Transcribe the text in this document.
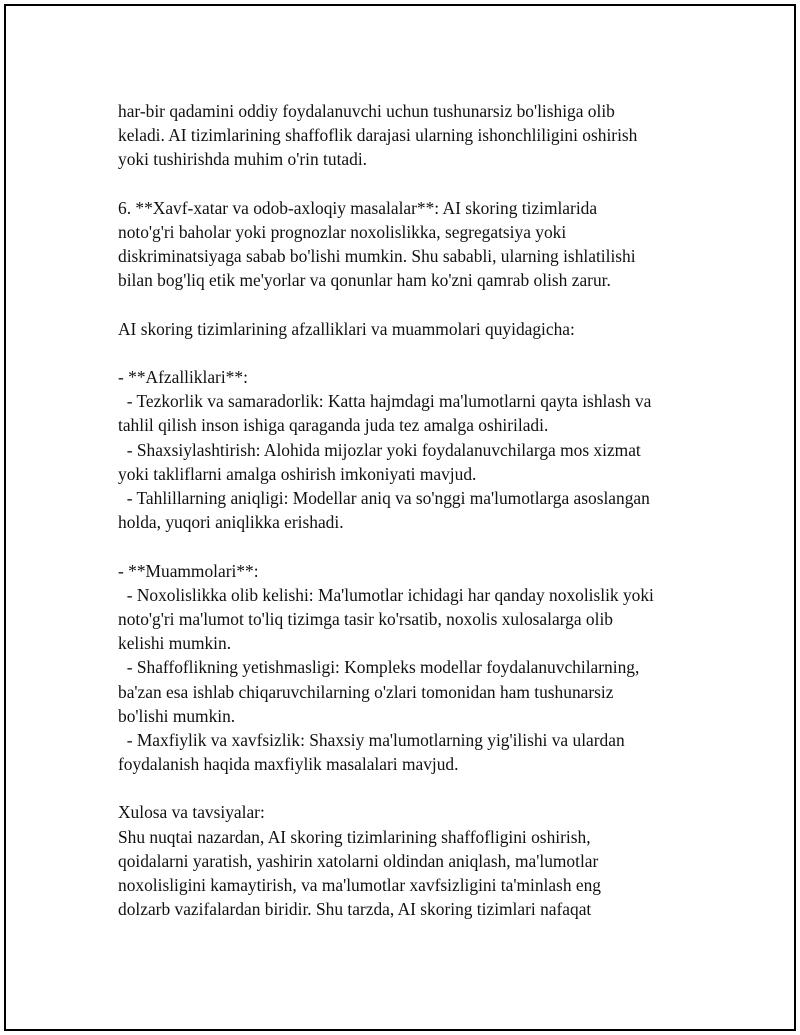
har-bir qadamini oddiy foydalanuvchi uchun tushunarsiz bo'lishiga olib
keladi. AI tizimlarining shaffoflik darajasi ularning ishonchliligini oshirish
yoki tushirishda muhim o'rin tutadi.
6. **Xavf-xatar va odob-axloqiy masalalar**: AI skoring tizimlarida
noto'g'ri baholar yoki prognozlar noxolislikka, segregatsiya yoki
diskriminatsiyaga sabab bo'lishi mumkin. Shu sababli, ularning ishlatilishi
bilan bog'liq etik me'yorlar va qonunlar ham ko'zni qamrab olish zarur.
AI skoring tizimlarining afzalliklari va muammolari quyidagicha:
- **Afzalliklari**:
- Tezkorlik va samaradorlik: Katta hajmdagi ma'lumotlarni qayta ishlash va
tahlil qilish inson ishiga qaraganda juda tez amalga oshiriladi.
- Shaxsiylashtirish: Alohida mijozlar yoki foydalanuvchilarga mos xizmat
yoki takliflarni amalga oshirish imkoniyati mavjud.
- Tahlillarning aniqligi: Modellar aniq va so'nggi ma'lumotlarga asoslangan
holda, yuqori aniqlikka erishadi.
- **Muammolari**:
- Noxolislikka olib kelishi: Ma'lumotlar ichidagi har qanday noxolislik yoki
noto'g'ri ma'lumot to'liq tizimga tasir ko'rsatib, noxolis xulosalarga olib
kelishi mumkin.
- Shaffoflikning yetishmasligi: Kompleks modellar foydalanuvchilarning,
ba'zan esa ishlab chiqaruvchilarning o'zlari tomonidan ham tushunarsiz
bo'lishi mumkin.
- Maxfiylik va xavfsizlik: Shaxsiy ma'lumotlarning yig'ilishi va ulardan
foydalanish haqida maxfiylik masalalari mavjud.
Xulosa va tavsiyalar:
Shu nuqtai nazardan, AI skoring tizimlarining shaffofligini oshirish,
qoidalarni yaratish, yashirin xatolarni oldindan aniqlash, ma'lumotlar
noxolisligini kamaytirish, va ma'lumotlar xavfsizligini ta'minlash eng
dolzarb vazifalardan biridir. Shu tarzda, AI skoring tizimlari nafaqat
